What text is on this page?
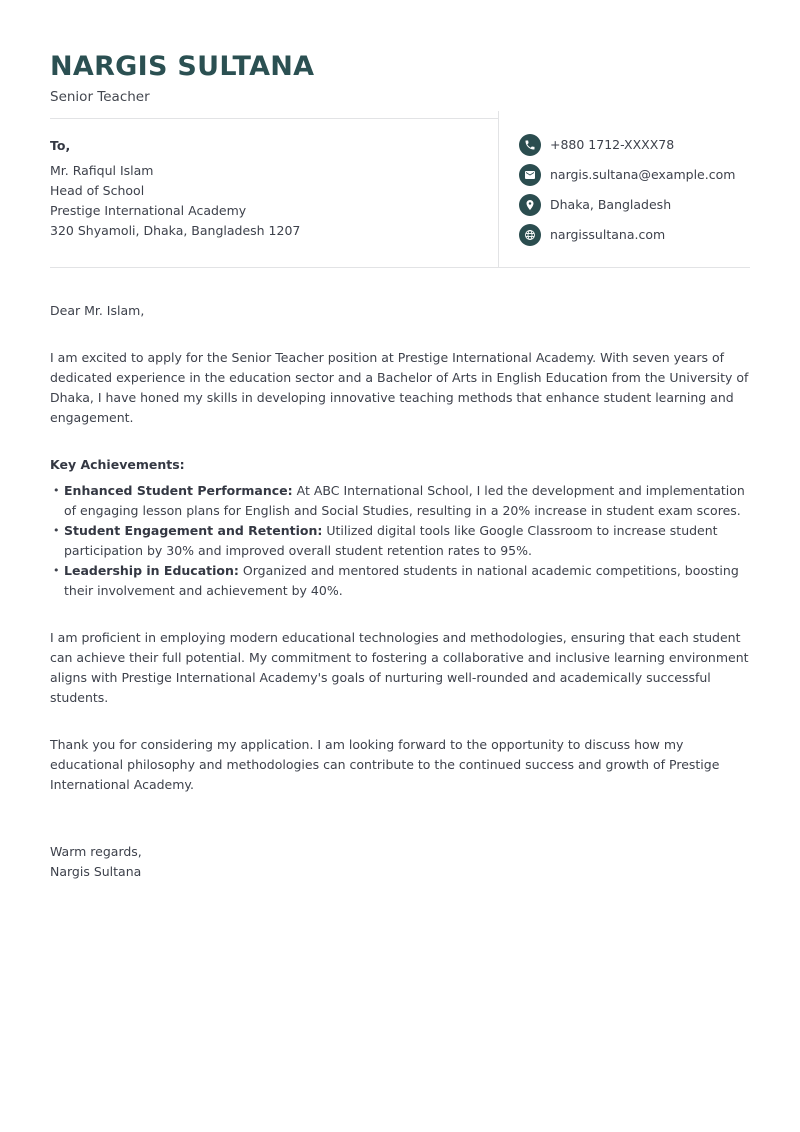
NARGIS SULTANA
Senior Teacher
To,
Mr. Rafiqul Islam
Head of School
Prestige International Academy
320 Shyamoli, Dhaka, Bangladesh 1207
+880 1712-XXXX78
nargis.sultana@example.com
Dhaka, Bangladesh
nargissultana.com
Dear Mr. Islam,

I am excited to apply for the Senior Teacher position at Prestige International Academy. With seven years of dedicated experience in the education sector and a Bachelor of Arts in English Education from the University of Dhaka, I have honed my skills in developing innovative teaching methods that enhance student learning and engagement.

Key Achievements:
• Enhanced Student Performance: At ABC International School, I led the development and implementation of engaging lesson plans for English and Social Studies, resulting in a 20% increase in student exam scores.
• Student Engagement and Retention: Utilized digital tools like Google Classroom to increase student participation by 30% and improved overall student retention rates to 95%.
• Leadership in Education: Organized and mentored students in national academic competitions, boosting their involvement and achievement by 40%.

I am proficient in employing modern educational technologies and methodologies, ensuring that each student can achieve their full potential. My commitment to fostering a collaborative and inclusive learning environment aligns with Prestige International Academy's goals of nurturing well-rounded and academically successful students.

Thank you for considering my application. I am looking forward to the opportunity to discuss how my educational philosophy and methodologies can contribute to the continued success and growth of Prestige International Academy.

Warm regards,
Nargis Sultana
